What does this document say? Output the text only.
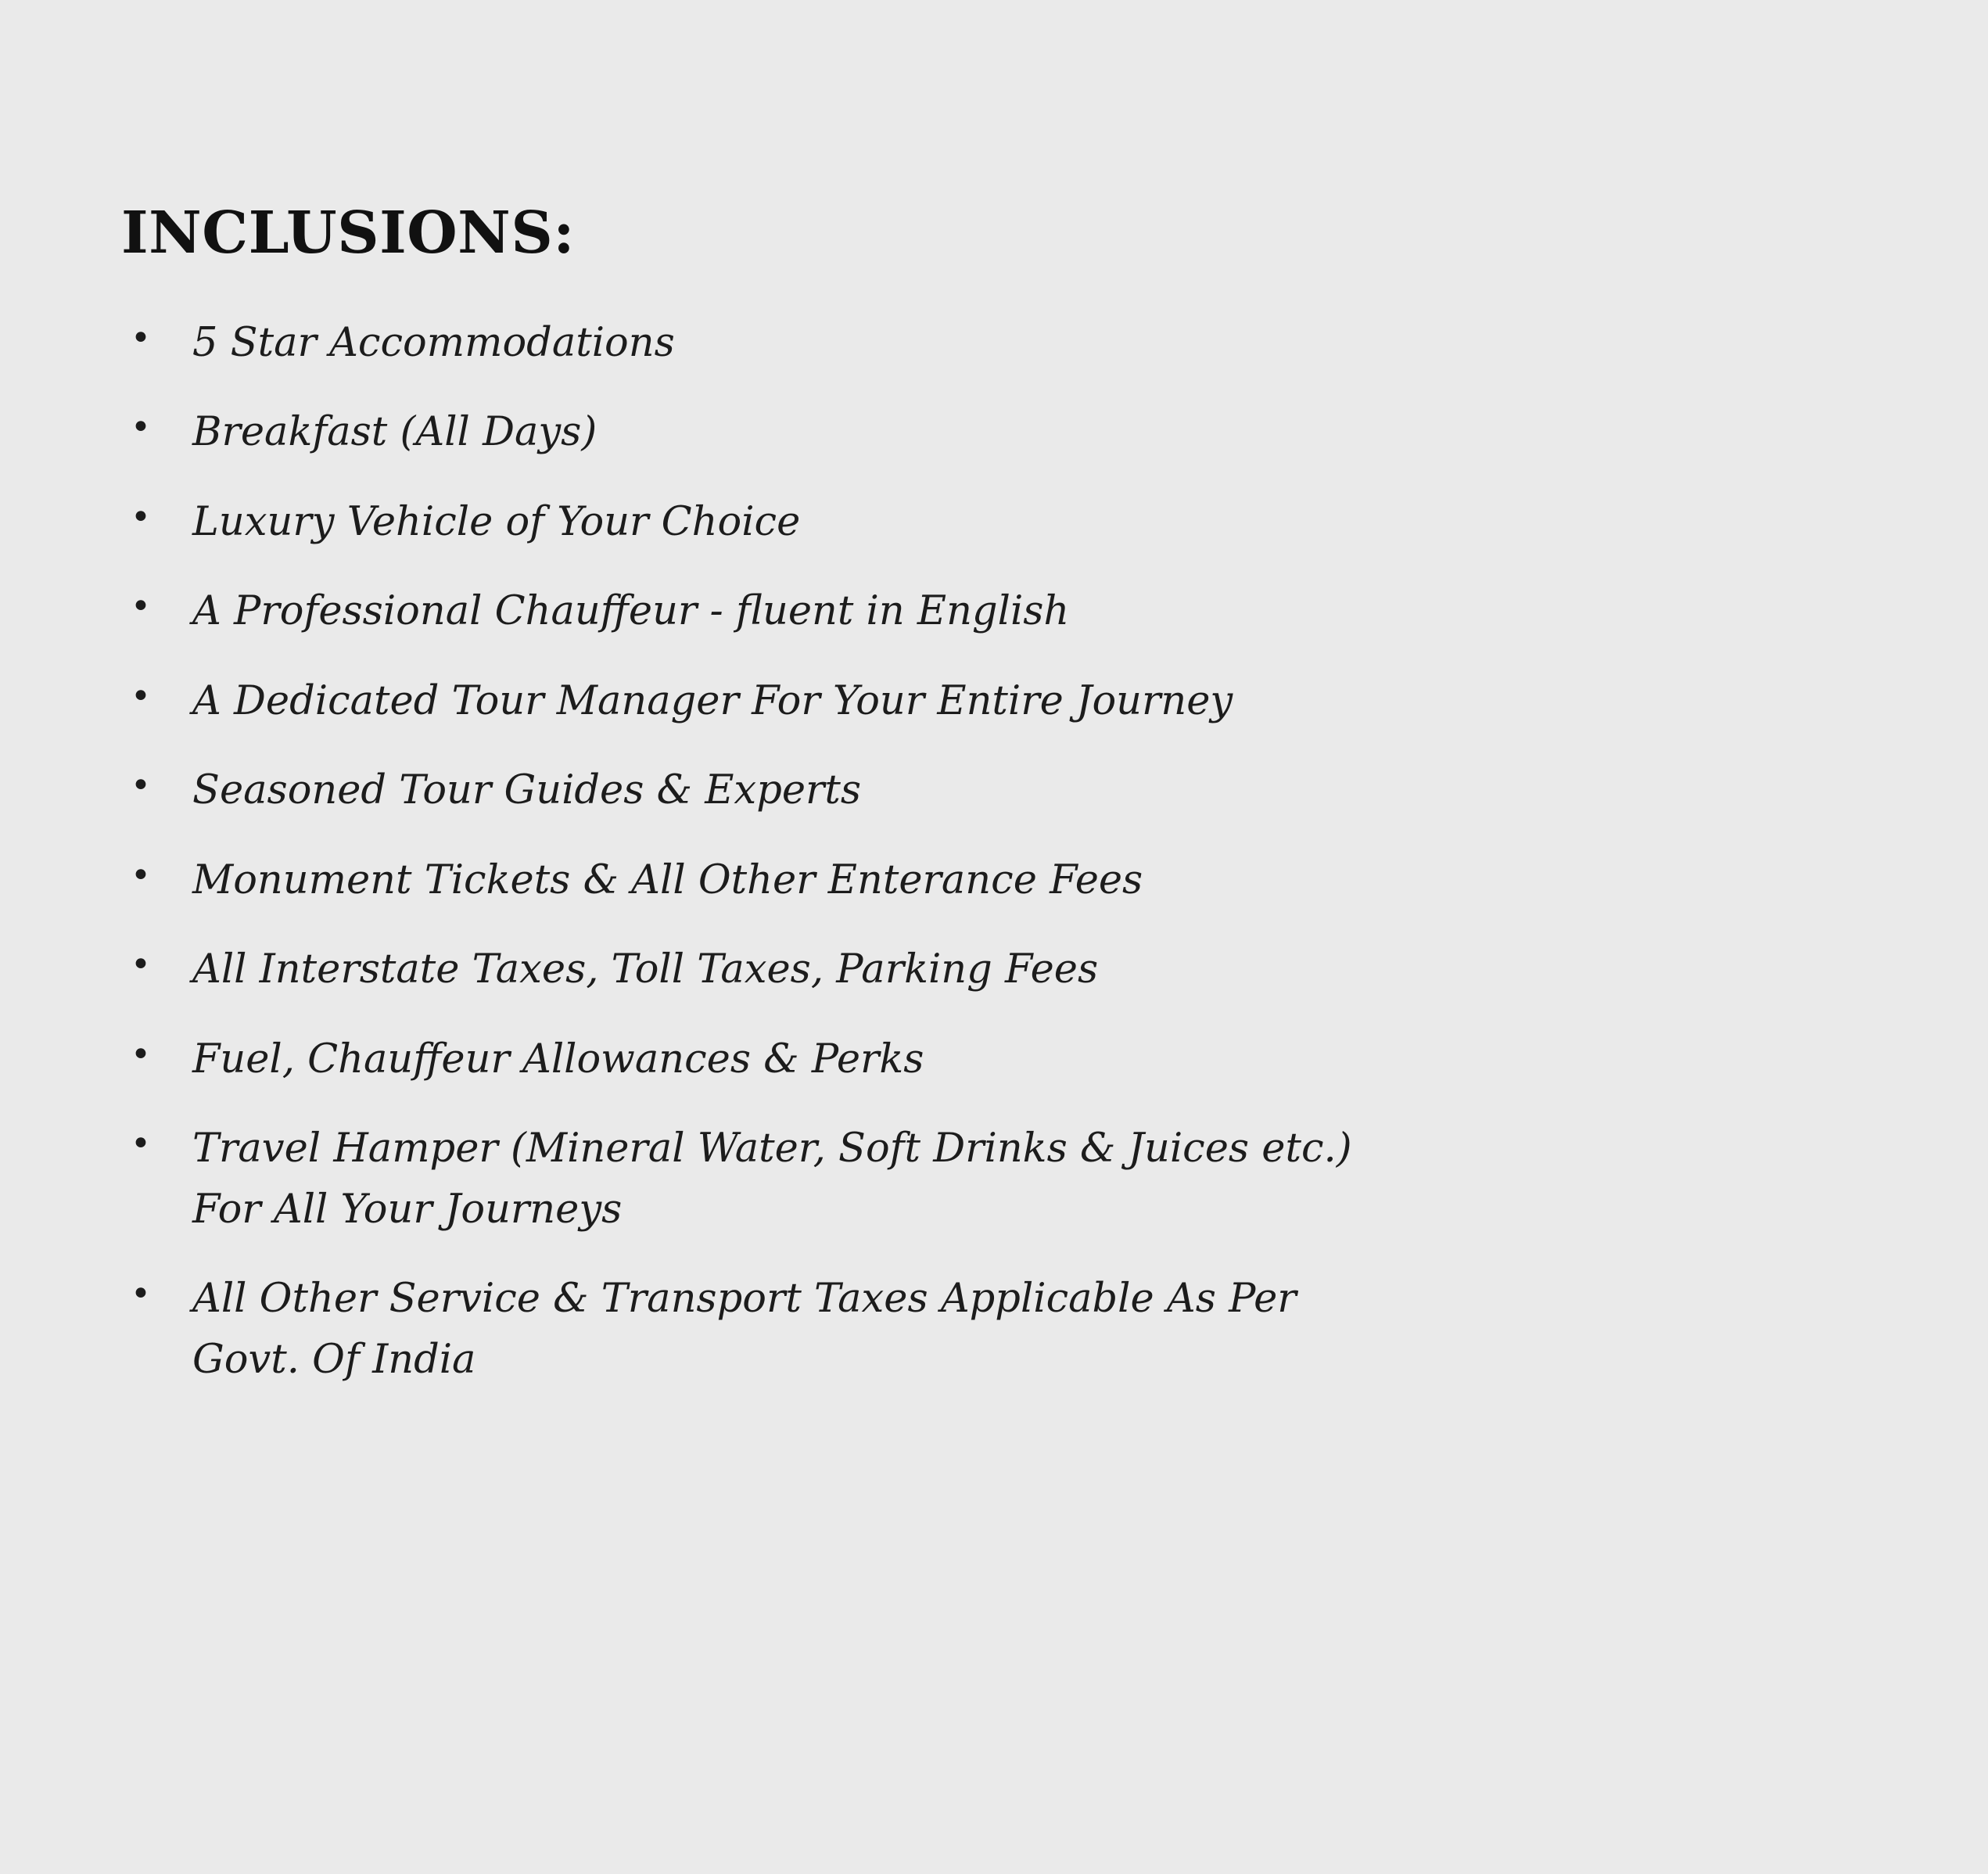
INCLUSIONS:
• 5 Star Accommodations
• Breakfast (All Days)
• Luxury Vehicle of Your Choice
• A Professional Chauffeur - fluent in English
• A Dedicated Tour Manager For Your Entire Journey
• Seasoned Tour Guides & Experts
• Monument Tickets & All Other Enterance Fees
• All Interstate Taxes, Toll Taxes, Parking Fees
• Fuel, Chauffeur Allowances & Perks
• Travel Hamper (Mineral Water, Soft Drinks & Juices etc.) For All Your Journeys
• All Other Service & Transport Taxes Applicable As Per Govt. Of India
